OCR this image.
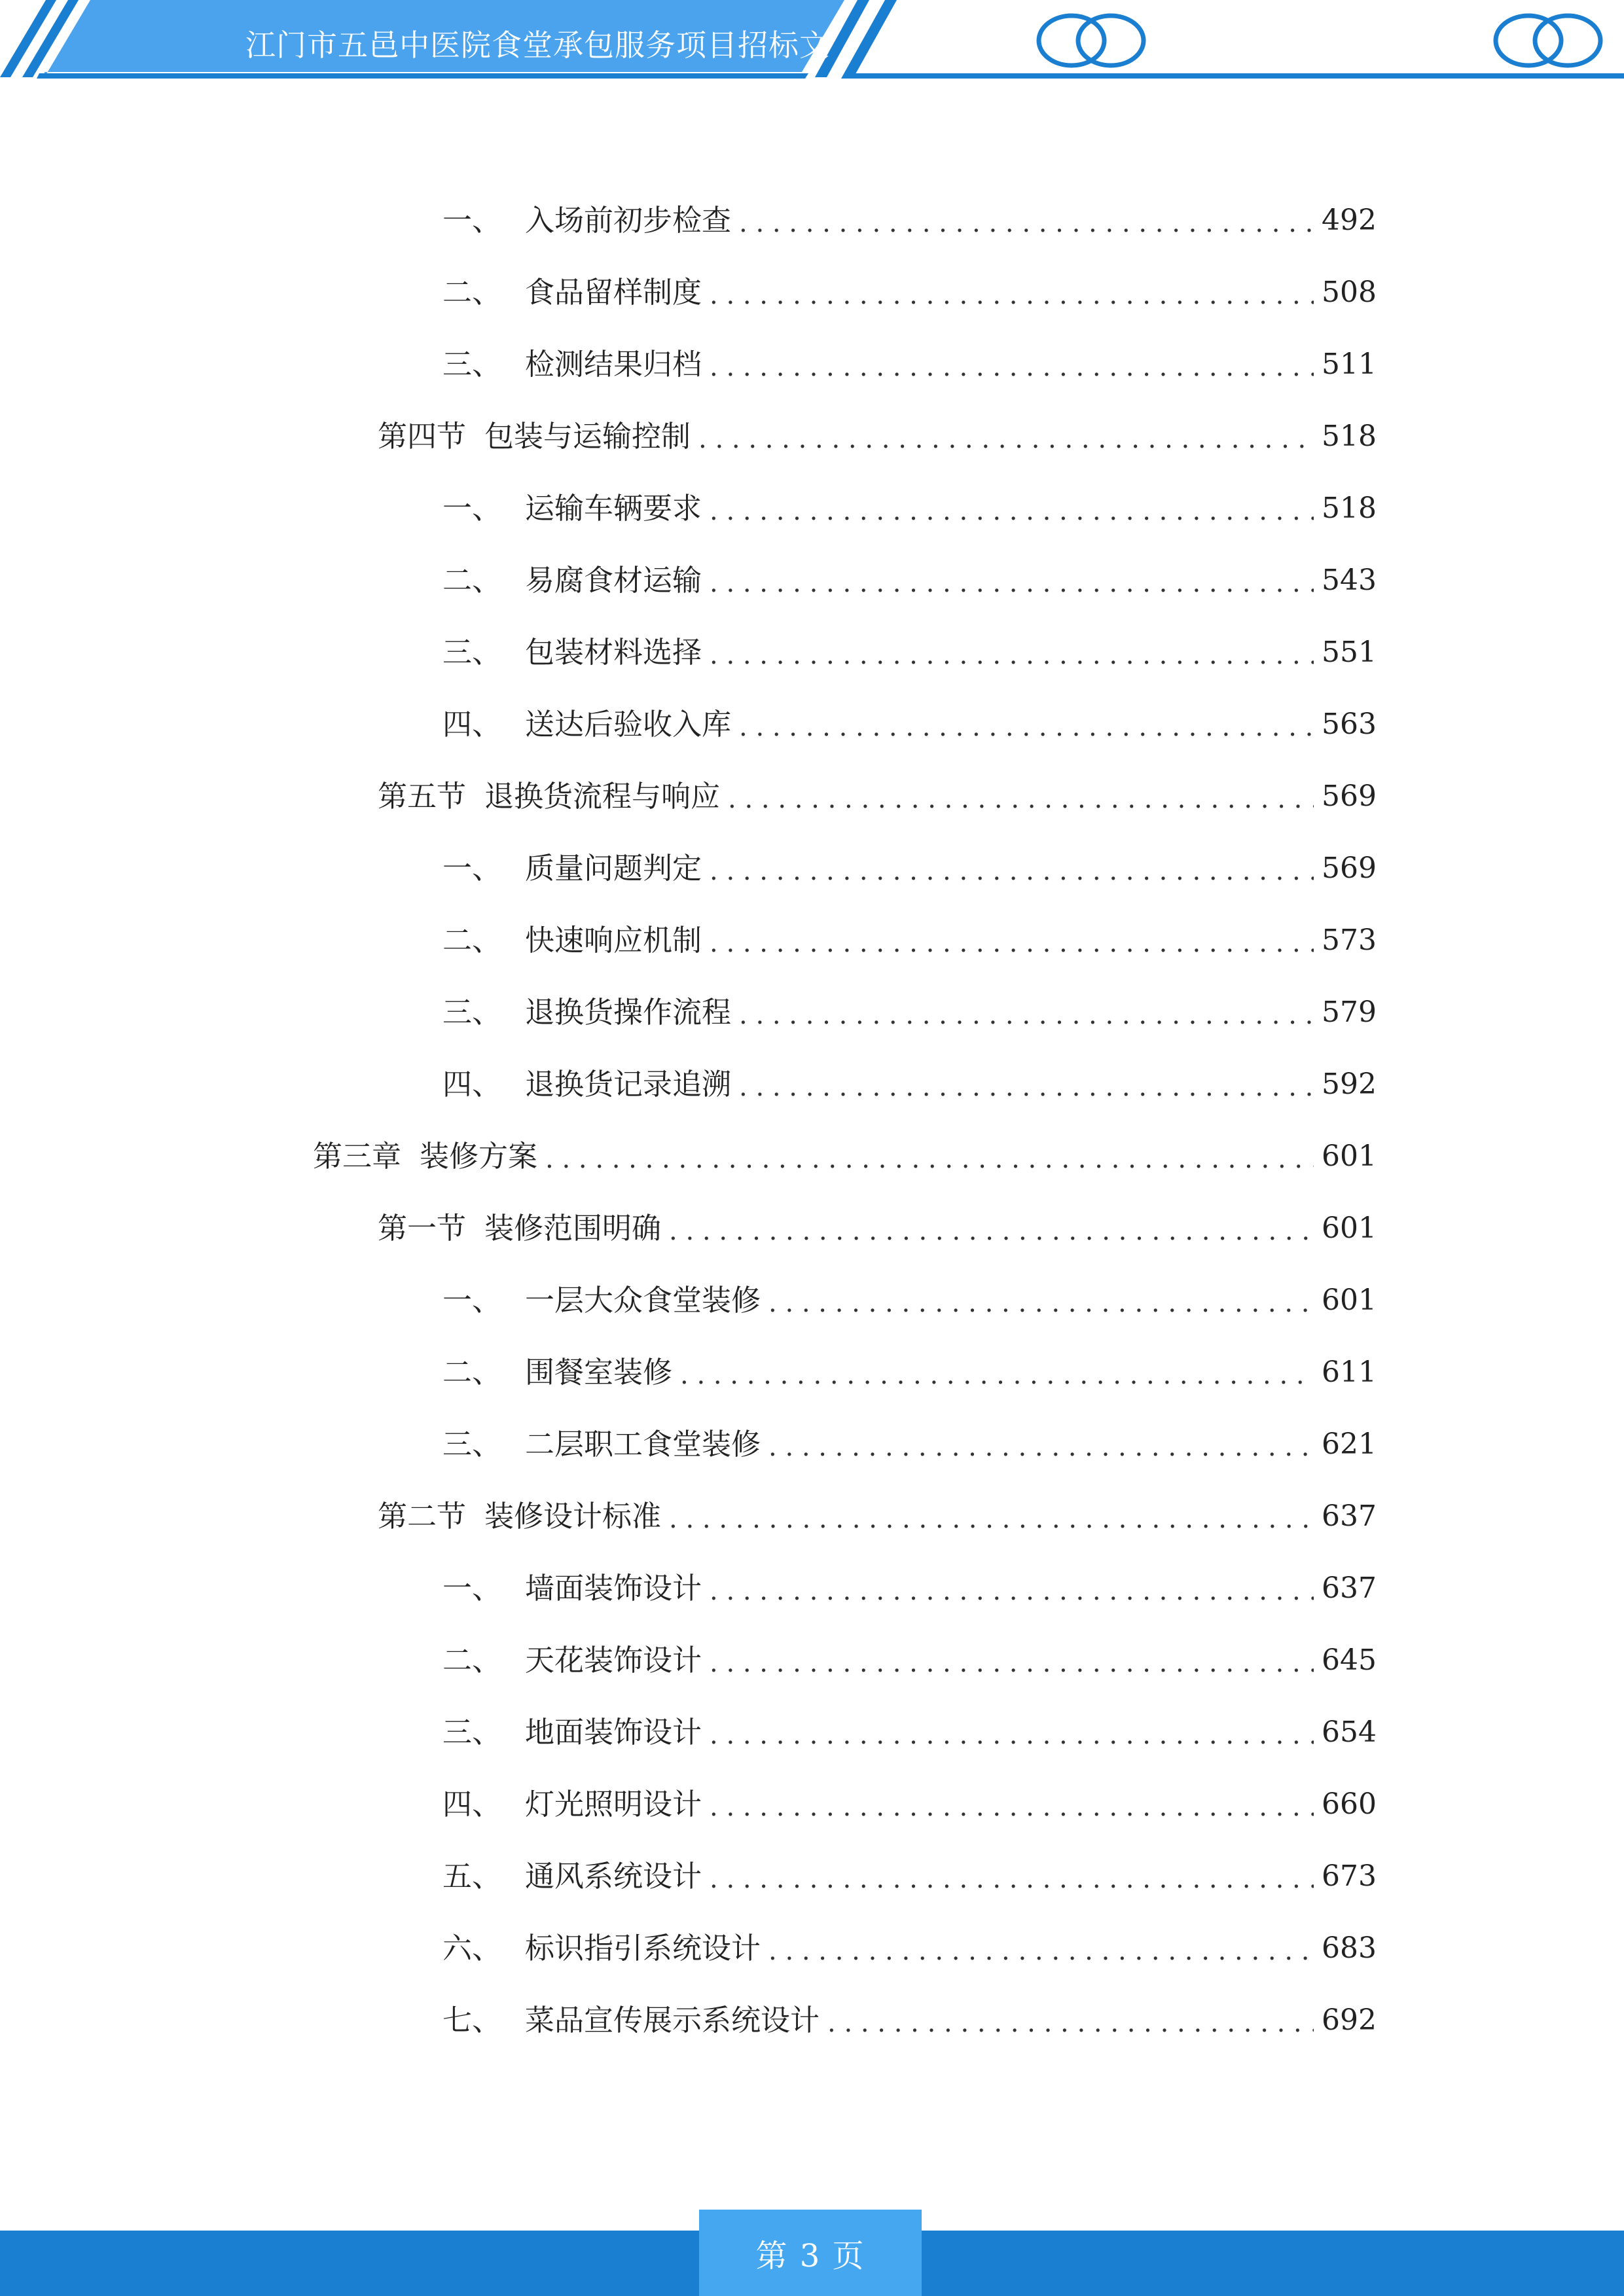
江门市五邑中医院食堂承包服务项目招标文
一、 入场前初步检查 . . .	492
二、 食品留样制度 . . .	508
三、 检测结果归档 . . .	511
第四节 包装与运输控制 . . .	518
一、 运输车辆要求 . . .	518
二、 易腐食材运输 . . .	543
三、 包装材料选择 . . .	551
四、 送达后验收入库 . . .	563
第五节 退换货流程与响应 . . .	569
一、 质量问题判定 . . .	569
二、 快速响应机制 . . .	573
三、 退换货操作流程 . . .	579
四、 退换货记录追溯 . . .	592
第三章 装修方案 . . .	601
第一节 装修范围明确 . . .	601
一、 一层大众食堂装修 . . .	601
二、 围餐室装修 . . .	611
三、 二层职工食堂装修 . . .	621
第二节 装修设计标准 . . .	637
一、 墙面装饰设计 . . .	637
二、 天花装饰设计 . . .	645
三、 地面装饰设计 . . .	654
四、 灯光照明设计 . . .	660
五、 通风系统设计 . . .	673
六、 标识指引系统设计 . . .	683
七、 菜品宣传展示系统设计 . . .	692
第 3 页
